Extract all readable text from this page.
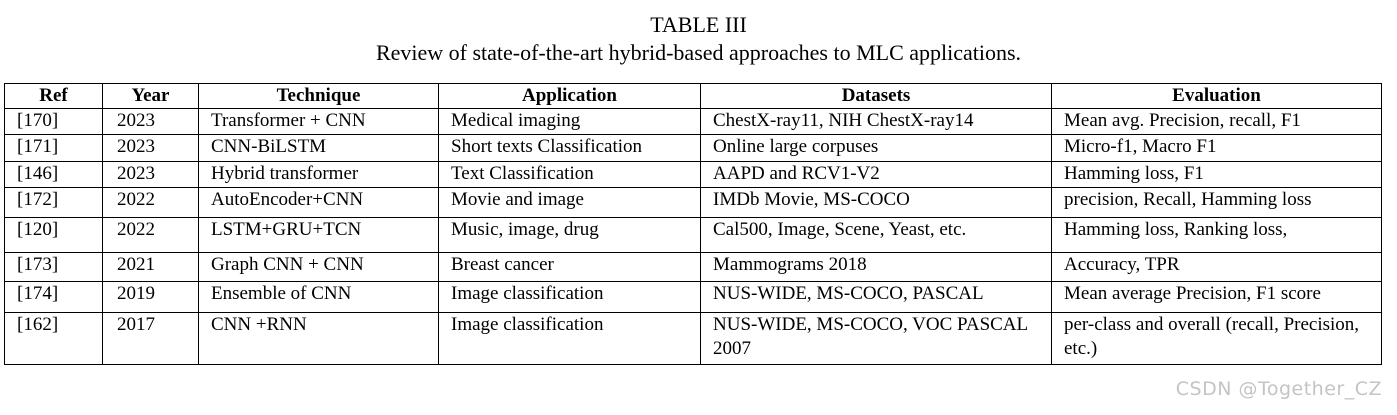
TABLE III
Review of state-of-the-art hybrid-based approaches to MLC applications.
Ref	Year	Technique	Application	Datasets	Evaluation
[170]	2023	Transformer + CNN	Medical imaging	ChestX-ray11, NIH ChestX-ray14	Mean avg. Precision, recall, F1
[171]	2023	CNN-BiLSTM	Short texts Classification	Online large corpuses	Micro-f1, Macro F1
[146]	2023	Hybrid transformer	Text Classification	AAPD and RCV1-V2	Hamming loss, F1
[172]	2022	AutoEncoder+CNN	Movie and image	IMDb Movie, MS-COCO	precision, Recall, Hamming loss
[120]	2022	LSTM+GRU+TCN	Music, image, drug	Cal500, Image, Scene, Yeast, etc.	Hamming loss, Ranking loss,
[173]	2021	Graph CNN + CNN	Breast cancer	Mammograms 2018	Accuracy, TPR
[174]	2019	Ensemble of CNN	Image classification	NUS-WIDE, MS-COCO, PASCAL	Mean average Precision, F1 score
[162]	2017	CNN +RNN	Image classification	NUS-WIDE, MS-COCO, VOC PASCAL 2007	per-class and overall (recall, Precision, etc.)
CSDN @Together_CZ
